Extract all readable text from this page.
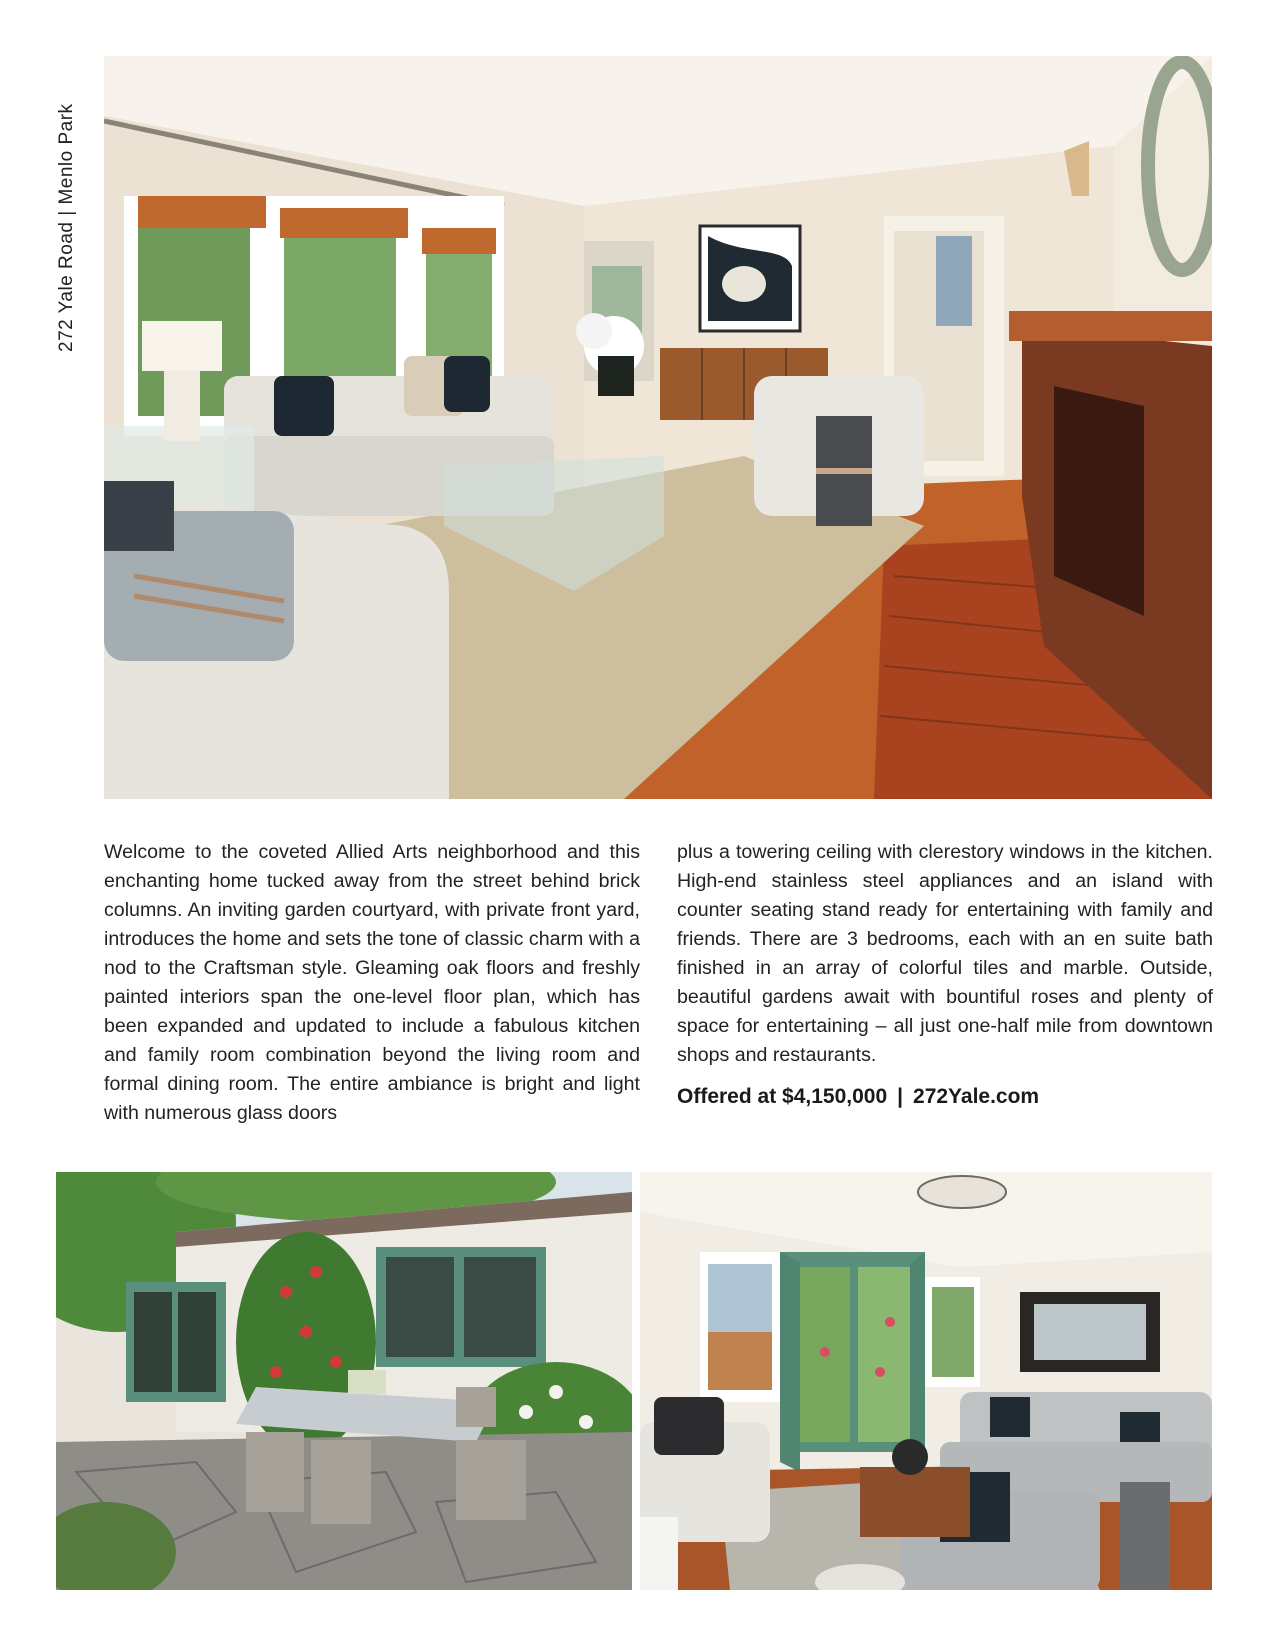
272 Yale Road | Menlo Park

Welcome to the coveted Allied Arts neighborhood and this enchanting home tucked away from the street behind brick columns. An inviting garden courtyard, with private front yard, introduces the home and sets the tone of classic charm with a nod to the Craftsman style. Gleaming oak floors and freshly painted interiors span the one-level floor plan, which has been expanded and updated to include a fabulous kitchen and family room combination beyond the living room and formal dining room. The entire ambiance is bright and light with numerous glass doors

plus a towering ceiling with clerestory windows in the kitchen. High-end stainless steel appliances and an island with counter seating stand ready for entertaining with family and friends. There are 3 bedrooms, each with an en suite bath finished in an array of colorful tiles and marble. Outside, beautiful gardens await with bountiful roses and plenty of space for entertaining – all just one-half mile from downtown shops and restaurants.

Offered at $4,150,000 | 272Yale.com
